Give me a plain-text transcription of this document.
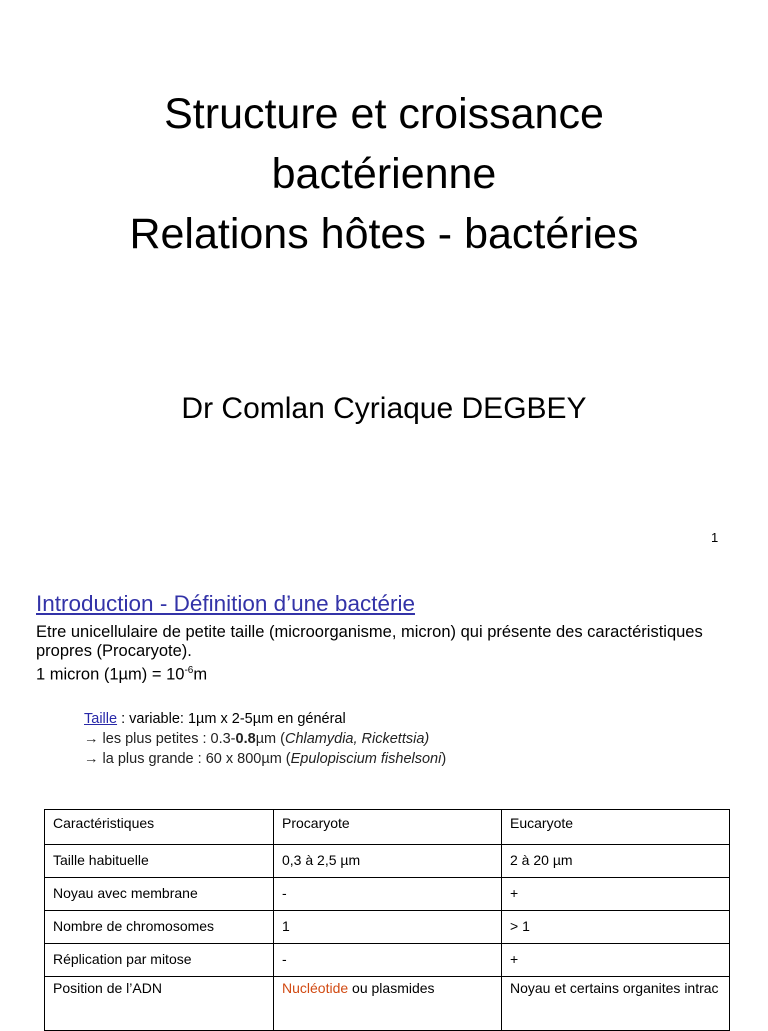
Structure et croissance
bactérienne
Relations hôtes - bactéries
Dr Comlan Cyriaque DEGBEY
1
Introduction - Définition d’une bactérie
Etre unicellulaire de petite taille (microorganisme, micron) qui présente des caractéristiques propres (Procaryote).
1 micron $(1\mu m) = 10^{-6}m$
Taille : variable: 1µm x 2-5µm en général
→ les plus petites : 0.3-0.8µm (Chlamydia, Rickettsia)
→ la plus grande : 60 x 800µm (Epulopiscium fishelsoni)
Caractéristiques	Procaryote	Eucaryote
Taille habituelle	0,3 à 2,5 µm	2 à 20 µm
Noyau avec membrane	-	+
Nombre de chromosomes	1	> 1
Réplication par mitose	-	+
Position de l’ADN	Nucléotide ou plasmides	Noyau et certains organites intrac
